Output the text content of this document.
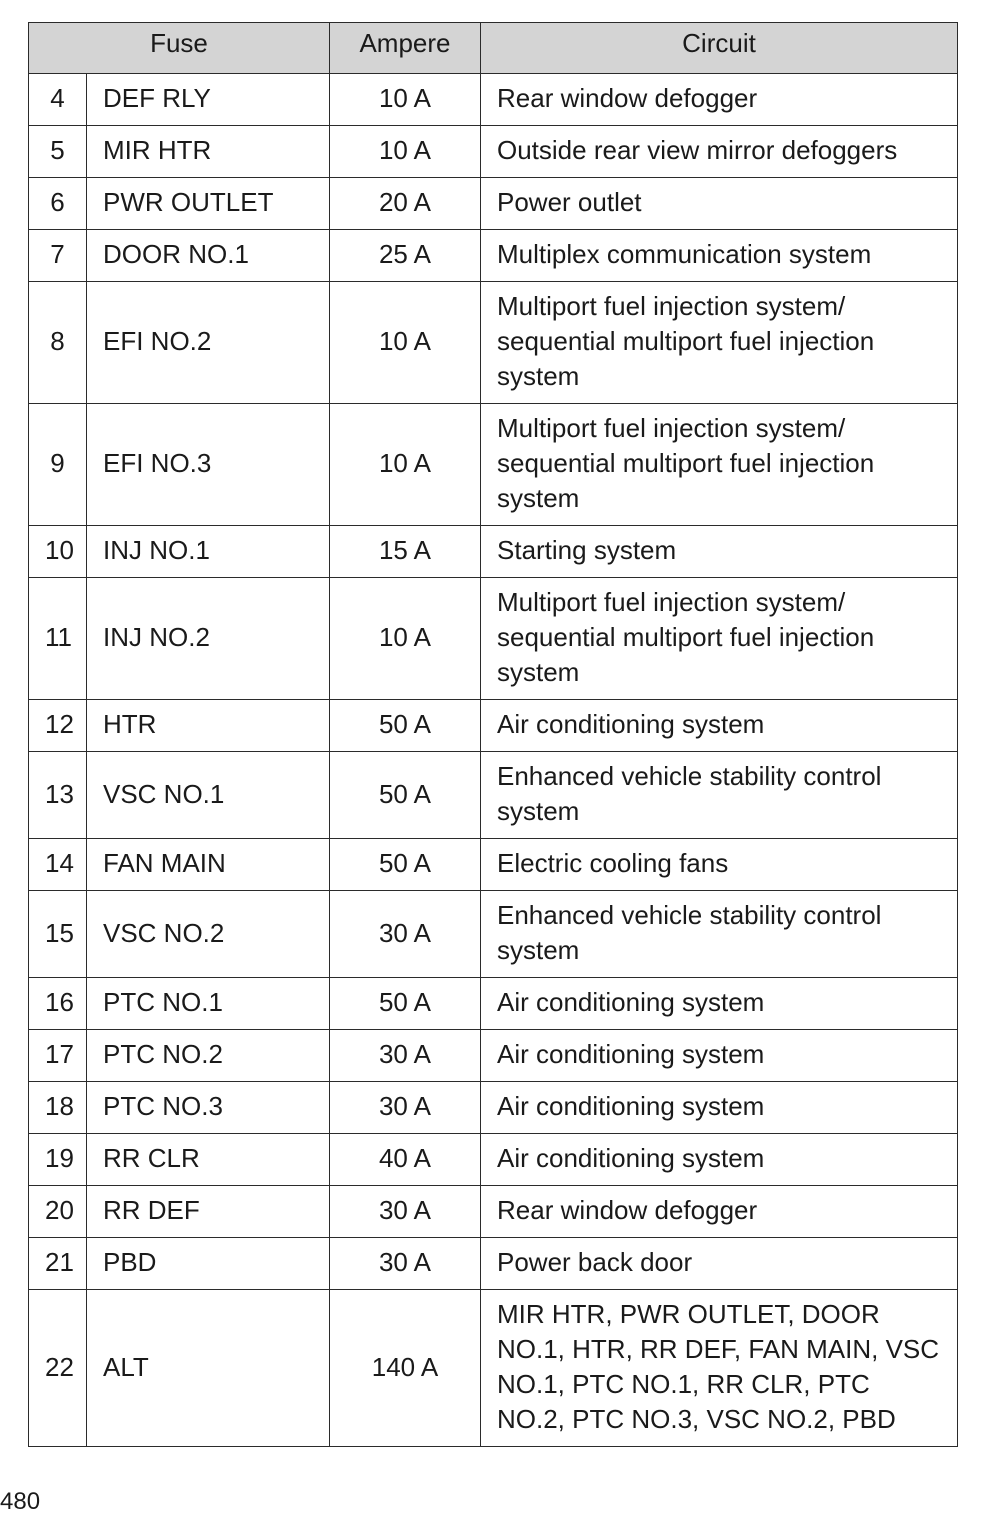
Fuse		Ampere	Circuit
4	DEF RLY	10 A	Rear window defogger
5	MIR HTR	10 A	Outside rear view mirror defoggers
6	PWR OUTLET	20 A	Power outlet
7	DOOR NO.1	25 A	Multiplex communication system
8	EFI NO.2	10 A	Multiport fuel injection system/ sequential multiport fuel injection system
9	EFI NO.3	10 A	Multiport fuel injection system/ sequential multiport fuel injection system
10	INJ NO.1	15 A	Starting system
11	INJ NO.2	10 A	Multiport fuel injection system/ sequential multiport fuel injection system
12	HTR	50 A	Air conditioning system
13	VSC NO.1	50 A	Enhanced vehicle stability control system
14	FAN MAIN	50 A	Electric cooling fans
15	VSC NO.2	30 A	Enhanced vehicle stability control system
16	PTC NO.1	50 A	Air conditioning system
17	PTC NO.2	30 A	Air conditioning system
18	PTC NO.3	30 A	Air conditioning system
19	RR CLR	40 A	Air conditioning system
20	RR DEF	30 A	Rear window defogger
21	PBD	30 A	Power back door
22	ALT	140 A	MIR HTR, PWR OUTLET, DOOR NO.1, HTR, RR DEF, FAN MAIN, VSC NO.1, PTC NO.1, RR CLR, PTC NO.2, PTC NO.3, VSC NO.2, PBD
480
